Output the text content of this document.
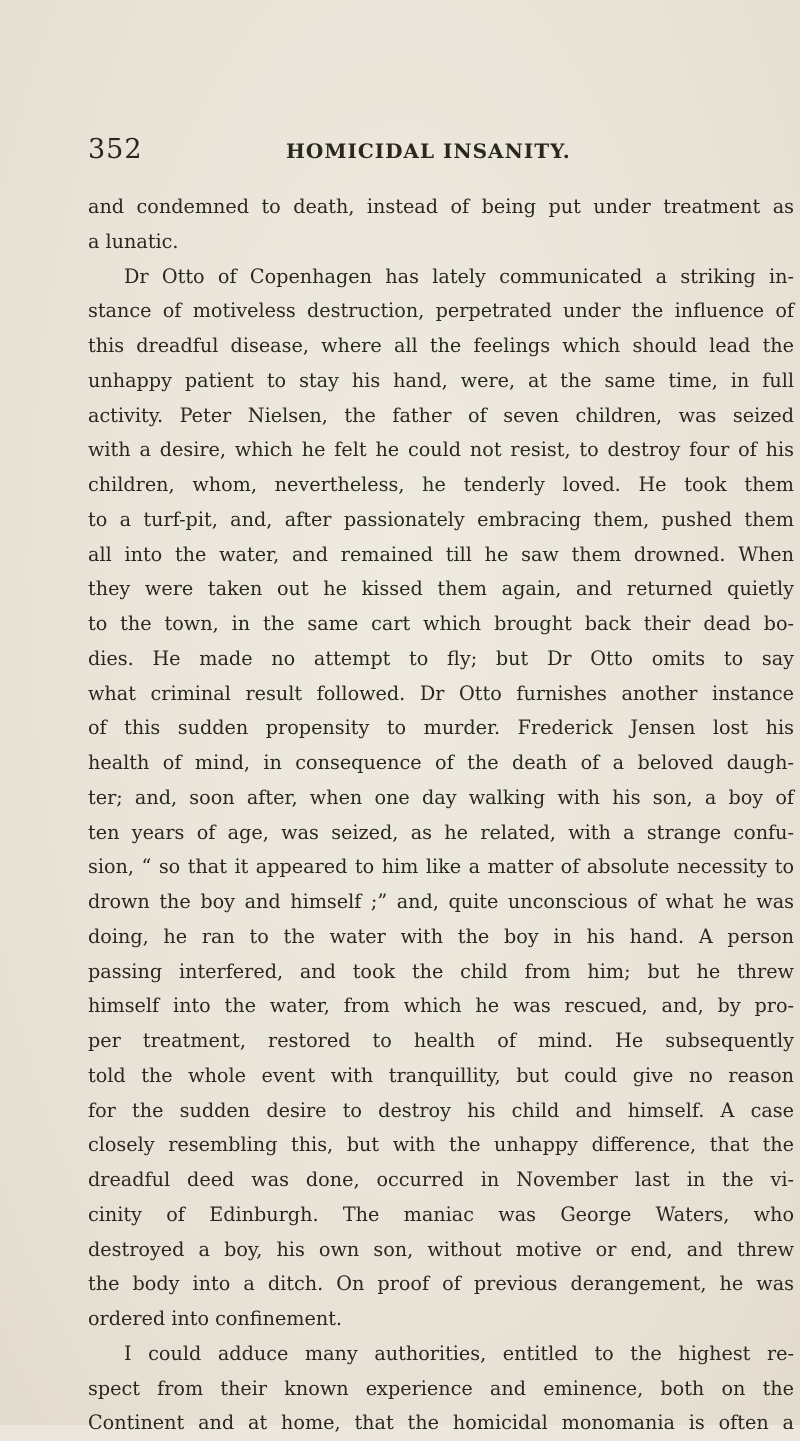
352	HOMICIDAL INSANITY.
and condemned to death, instead of being put under treatment as
a lunatic.
Dr Otto of Copenhagen has lately communicated a striking in-
stance of motiveless destruction, perpetrated under the influence of
this dreadful disease, where all the feelings which should lead the
unhappy patient to stay his hand, were, at the same time, in full
activity. Peter Nielsen, the father of seven children, was seized
with a desire, which he felt he could not resist, to destroy four of his
children, whom, nevertheless, he tenderly loved. He took them
to a turf-pit, and, after passionately embracing them, pushed them
all into the water, and remained till he saw them drowned. When
they were taken out he kissed them again, and returned quietly
to the town, in the same cart which brought back their dead bo-
dies. He made no attempt to fly; but Dr Otto omits to say
what criminal result followed. Dr Otto furnishes another instance
of this sudden propensity to murder. Frederick Jensen lost his
health of mind, in consequence of the death of a beloved daugh-
ter; and, soon after, when one day walking with his son, a boy of
ten years of age, was seized, as he related, with a strange confu-
sion, “ so that it appeared to him like a matter of absolute necessity to
drown the boy and himself ;” and, quite unconscious of what he was
doing, he ran to the water with the boy in his hand. A person
passing interfered, and took the child from him; but he threw
himself into the water, from which he was rescued, and, by pro-
per treatment, restored to health of mind. He subsequently
told the whole event with tranquillity, but could give no reason
for the sudden desire to destroy his child and himself. A case
closely resembling this, but with the unhappy difference, that the
dreadful deed was done, occurred in November last in the vi-
cinity of Edinburgh. The maniac was George Waters, who
destroyed a boy, his own son, without motive or end, and threw
the body into a ditch. On proof of previous derangement, he was
ordered into confinement.
I could adduce many authorities, entitled to the highest re-
spect from their known experience and eminence, both on the
Continent and at home, that the homicidal monomania is often a
